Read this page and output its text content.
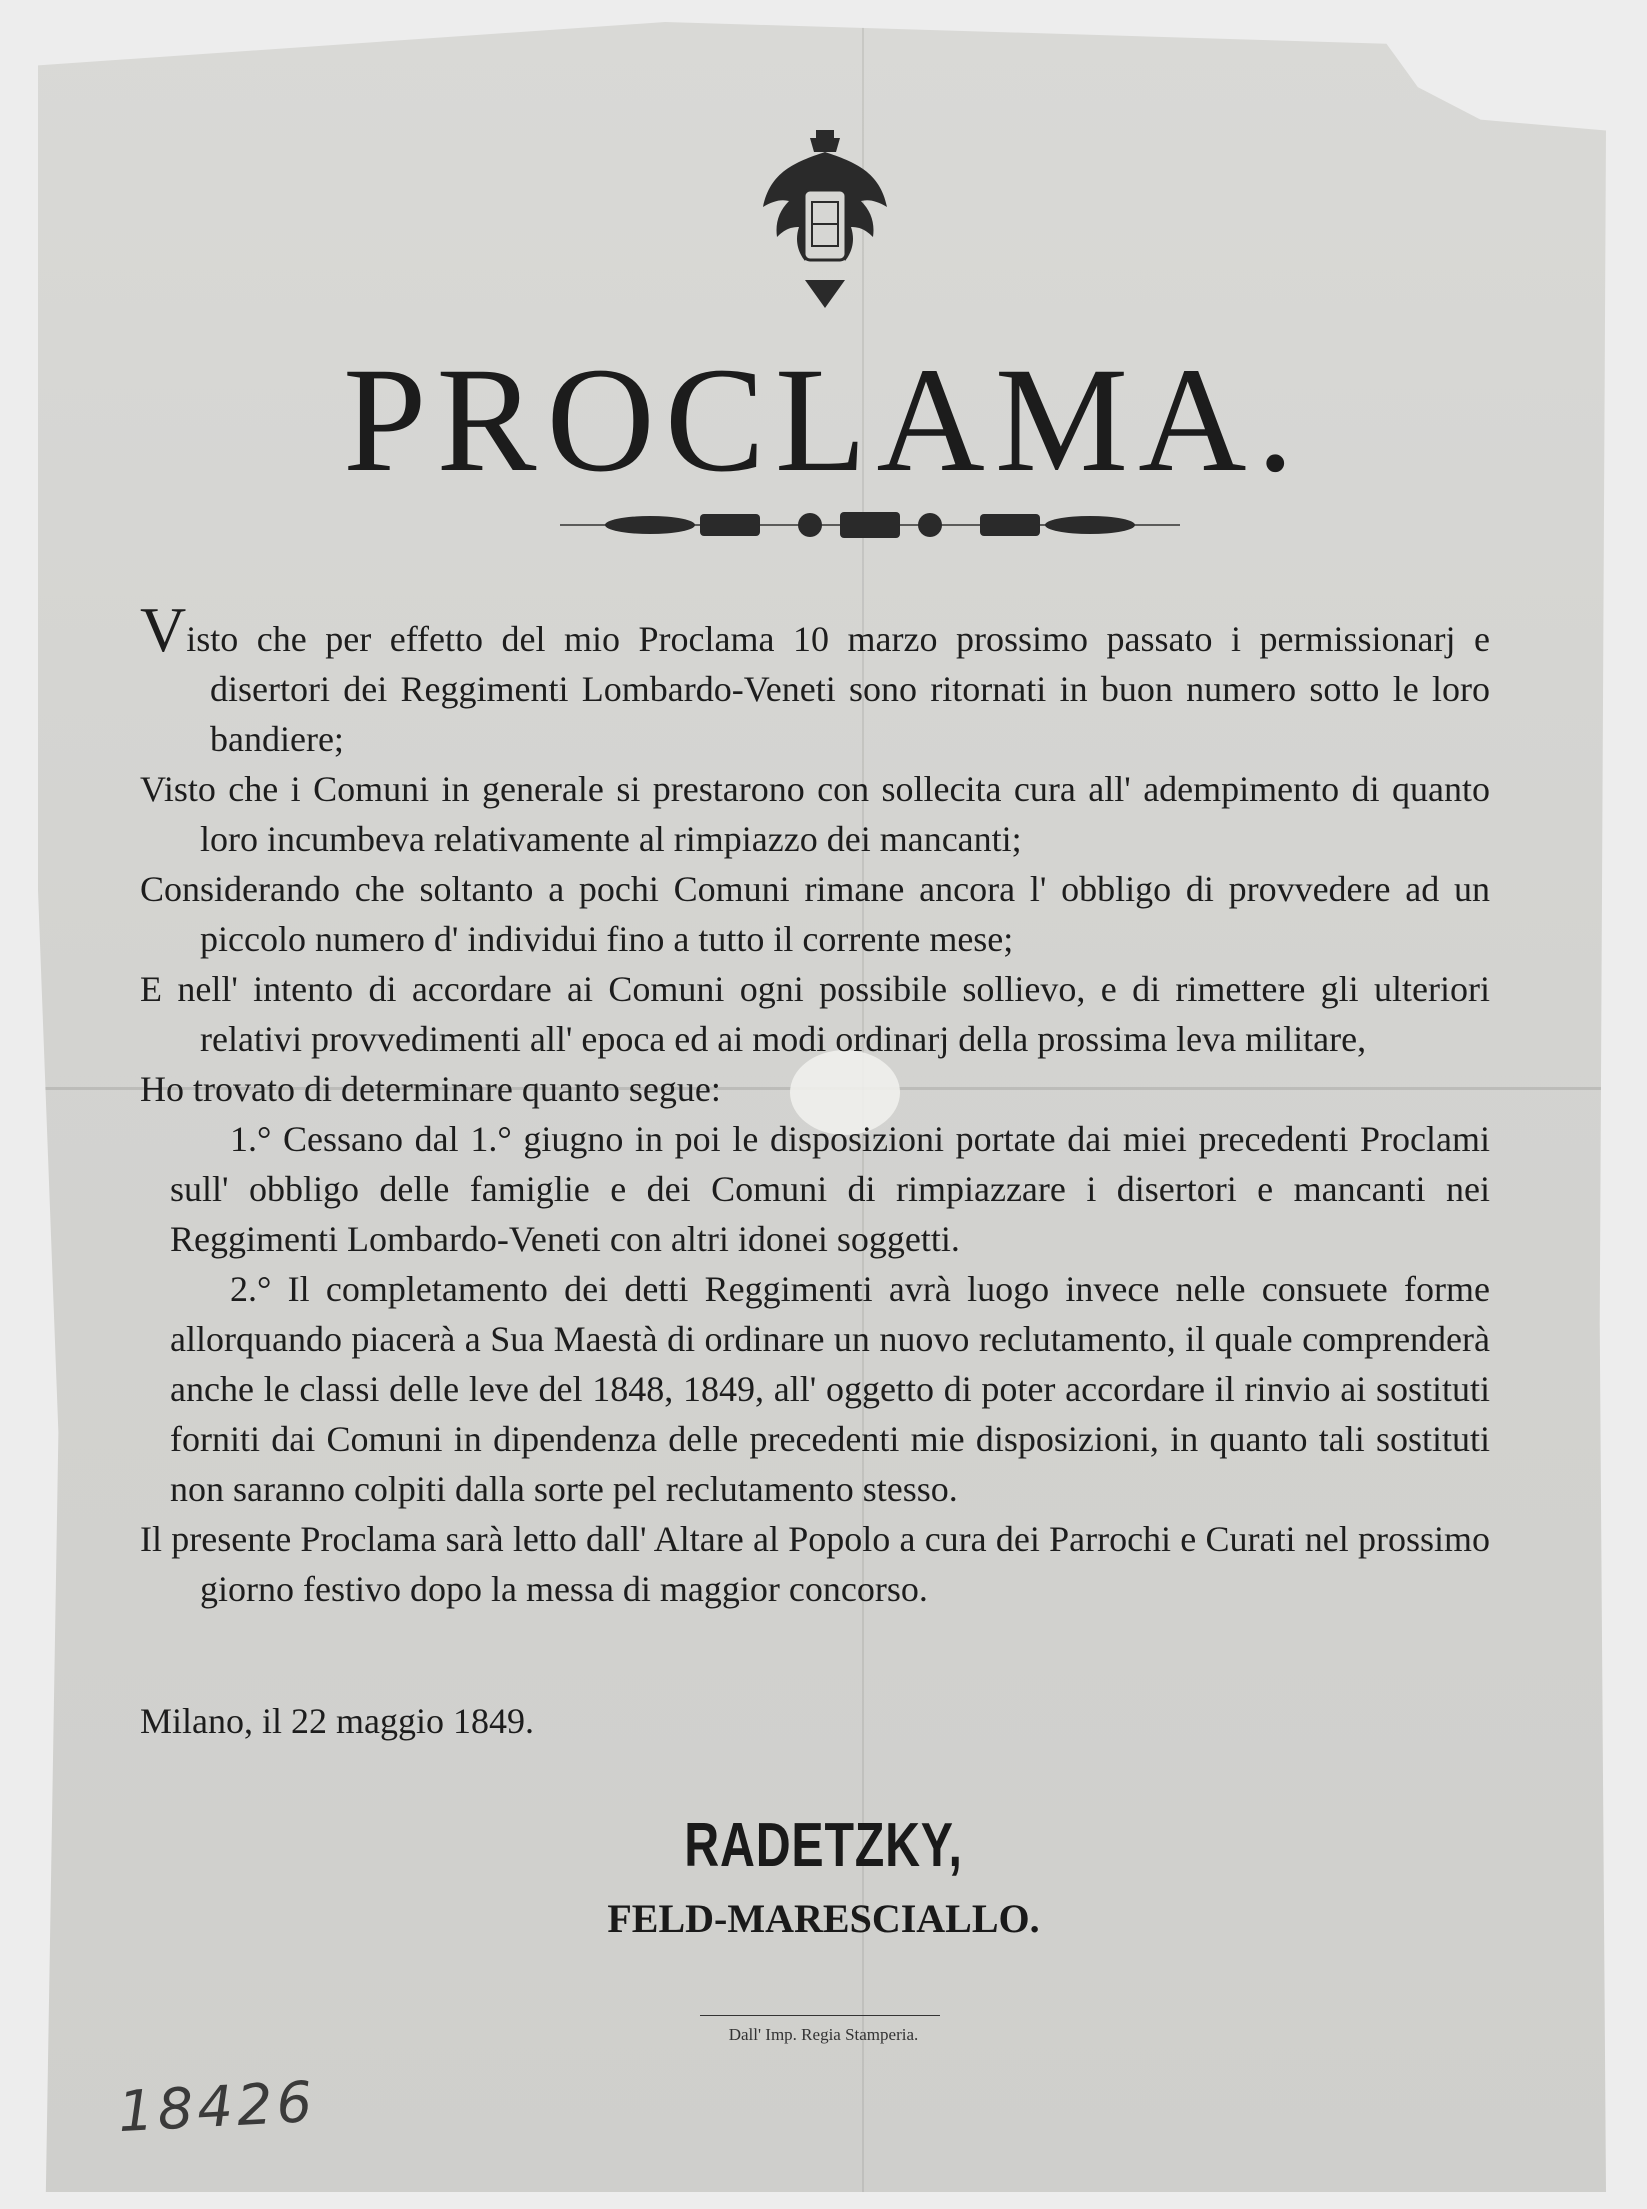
PROCLAMA.

Visto che per effetto del mio Proclama 10 marzo prossimo passato i permissionarj e disertori dei Reggimenti Lombardo-Veneti sono ritornati in buon numero sotto le loro bandiere;

Visto che i Comuni in generale si prestarono con sollecita cura all' adempimento di quanto loro incumbeva relativamente al rimpiazzo dei mancanti;

Considerando che soltanto a pochi Comuni rimane ancora l' obbligo di provvedere ad un piccolo numero d' individui fino a tutto il corrente mese;

E nell' intento di accordare ai Comuni ogni possibile sollievo, e di rimettere gli ulteriori relativi provvedimenti all' epoca ed ai modi ordinarj della prossima leva militare,

Ho trovato di determinare quanto segue:

1.° Cessano dal 1.° giugno in poi le disposizioni portate dai miei precedenti Proclami sull' obbligo delle famiglie e dei Comuni di rimpiazzare i disertori e mancanti nei Reggimenti Lombardo-Veneti con altri idonei soggetti.

2.° Il completamento dei detti Reggimenti avrà luogo invece nelle consuete forme allorquando piacerà a Sua Maestà di ordinare un nuovo reclutamento, il quale comprenderà anche le classi delle leve del 1848, 1849, all' oggetto di poter accordare il rinvio ai sostituti forniti dai Comuni in dipendenza delle precedenti mie disposizioni, in quanto tali sostituti non saranno colpiti dalla sorte pel reclutamento stesso.

Il presente Proclama sarà letto dall' Altare al Popolo a cura dei Parrochi e Curati nel prossimo giorno festivo dopo la messa di maggior concorso.

Milano, il 22 maggio 1849.
RADETZKY,
FELD-MARESCIALLO.
Dall' Imp. Regia Stamperia.
18426
